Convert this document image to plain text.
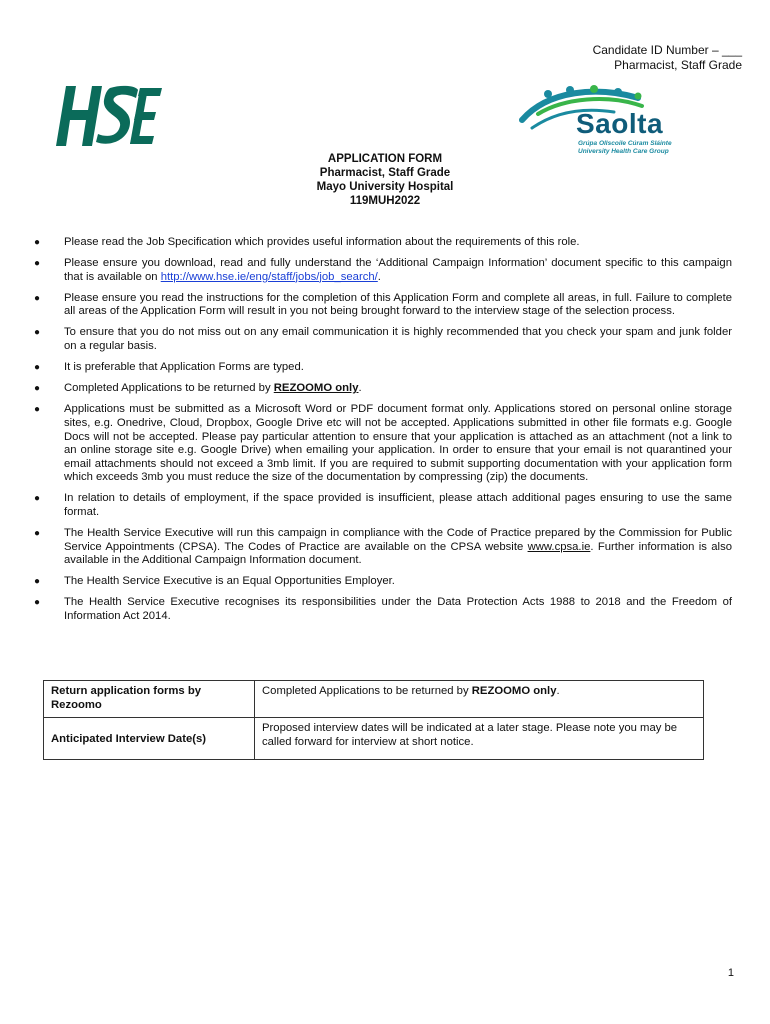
Candidate ID Number – ___
Pharmacist, Staff Grade
Saolta
Grúpa Ollscoile Cúram Sláinte
University Health Care Group
APPLICATION FORM
Pharmacist, Staff Grade
Mayo University Hospital
119MUH2022
●	Please read the Job Specification which provides useful information about the requirements of this role.
●	Please ensure you download, read and fully understand the ‘Additional Campaign Information’ document specific to this campaign that is available on http://www.hse.ie/eng/staff/jobs/job_search/.
●	Please ensure you read the instructions for the completion of this Application Form and complete all areas, in full. Failure to complete all areas of the Application Form will result in you not being brought forward to the interview stage of the selection process.
●	To ensure that you do not miss out on any email communication it is highly recommended that you check your spam and junk folder on a regular basis.
●	It is preferable that Application Forms are typed.
●	Completed Applications to be returned by REZOOMO only.
●	Applications must be submitted as a Microsoft Word or PDF document format only. Applications stored on personal online storage sites, e.g. Onedrive, Cloud, Dropbox, Google Drive etc will not be accepted. Applications submitted in other file formats e.g. Google Docs will not be accepted. Please pay particular attention to ensure that your application is attached as an attachment (not a link to an online storage site e.g. Google Drive) when emailing your application. In order to ensure that your email is not quarantined your email attachments should not exceed a 3mb limit. If you are required to submit supporting documentation with your application form which exceeds 3mb you must reduce the size of the documentation by compressing (zip) the documents.
●	In relation to details of employment, if the space provided is insufficient, please attach additional pages ensuring to use the same format.
●	The Health Service Executive will run this campaign in compliance with the Code of Practice prepared by the Commission for Public Service Appointments (CPSA). The Codes of Practice are available on the CPSA website www.cpsa.ie. Further information is also available in the Additional Campaign Information document.
●	The Health Service Executive is an Equal Opportunities Employer.
●	The Health Service Executive recognises its responsibilities under the Data Protection Acts 1988 to 2018 and the Freedom of Information Act 2014.
Return application forms by Rezoomo	Completed Applications to be returned by REZOOMO only.
Anticipated Interview Date(s)	Proposed interview dates will be indicated at a later stage. Please note you may be called forward for interview at short notice.
1
